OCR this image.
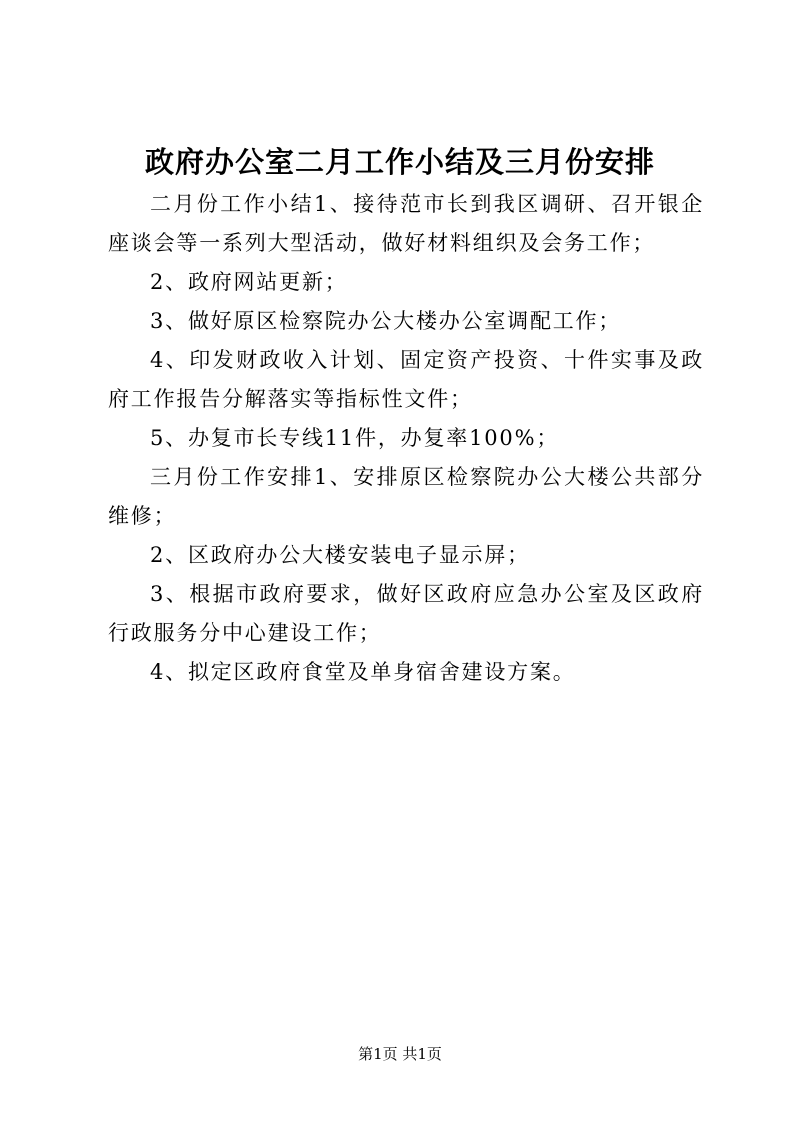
政府办公室二月工作小结及三月份安排

二月份工作小结1、接待范市长到我区调研、召开银企座谈会等一系列大型活动，做好材料组织及会务工作；

2、政府网站更新；

3、做好原区检察院办公大楼办公室调配工作；

4、印发财政收入计划、固定资产投资、十件实事及政府工作报告分解落实等指标性文件；

5、办复市长专线11件，办复率100%；

三月份工作安排1、安排原区检察院办公大楼公共部分维修；

2、区政府办公大楼安装电子显示屏；

3、根据市政府要求，做好区政府应急办公室及区政府行政服务分中心建设工作；

4、拟定区政府食堂及单身宿舍建设方案。

第1页 共1页
